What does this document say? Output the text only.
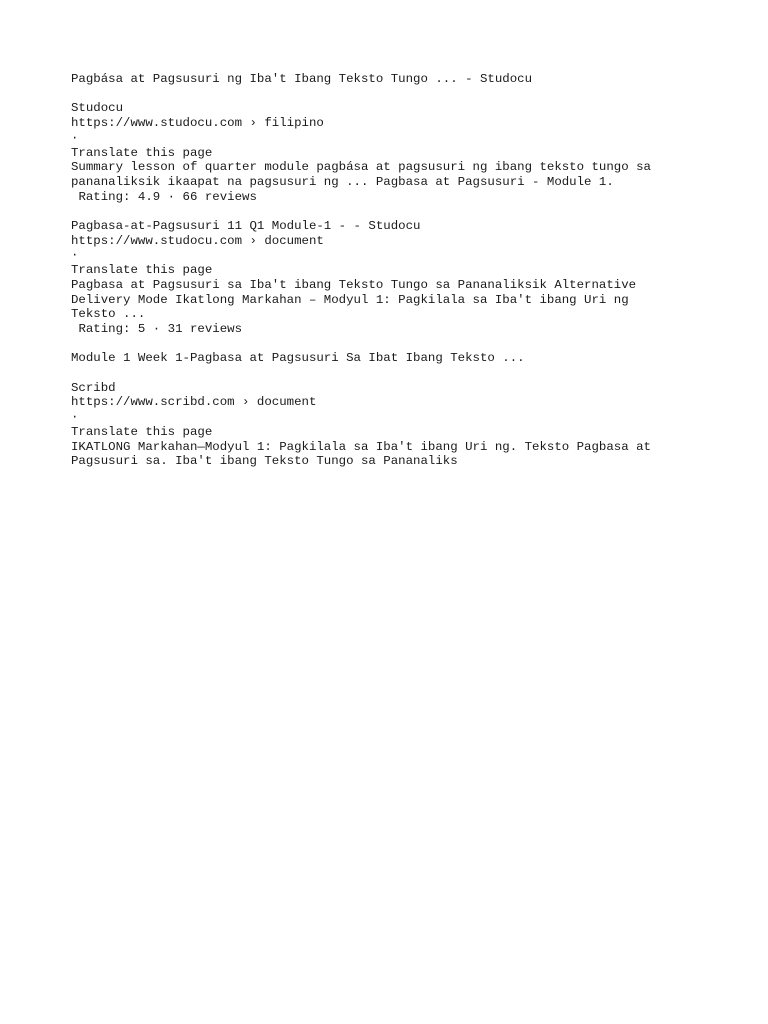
Pagbása at Pagsusuri ng Iba't Ibang Teksto Tungo ... - Studocu
Studocu
https://www.studocu.com › filipino
·
Translate this page
Summary lesson of quarter module pagbása at pagsusuri ng ibang teksto tungo sa
pananaliksik ikaapat na pagsusuri ng ... Pagbasa at Pagsusuri - Module 1.
Rating: 4.9 · 66 reviews
Pagbasa-at-Pagsusuri 11 Q1 Module-1 - - Studocu
https://www.studocu.com › document
·
Translate this page
Pagbasa at Pagsusuri sa Iba't ibang Teksto Tungo sa Pananaliksik Alternative
Delivery Mode Ikatlong Markahan – Modyul 1: Pagkilala sa Iba't ibang Uri ng
Teksto ...
Rating: 5 · 31 reviews
Module 1 Week 1-Pagbasa at Pagsusuri Sa Ibat Ibang Teksto ...
Scribd
https://www.scribd.com › document
·
Translate this page
IKATLONG Markahan—Modyul 1: Pagkilala sa Iba't ibang Uri ng. Teksto Pagbasa at
Pagsusuri sa. Iba't ibang Teksto Tungo sa Pananaliks
